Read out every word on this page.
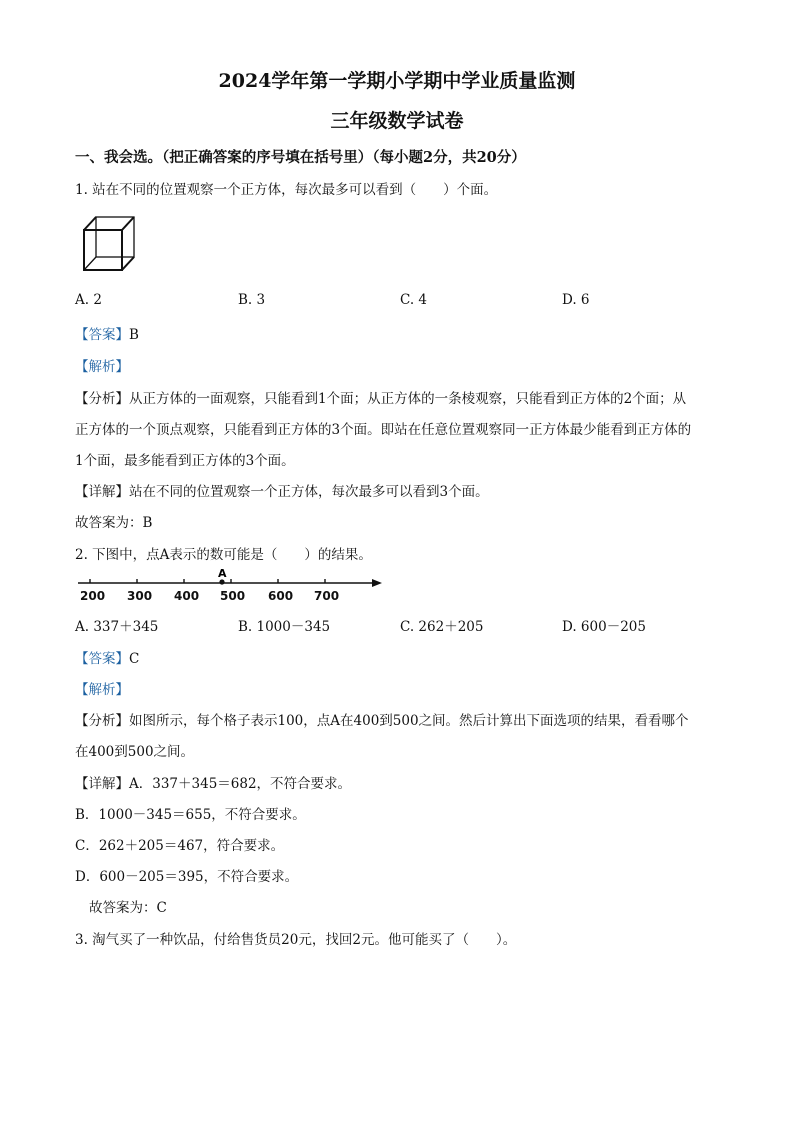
2024学年第一学期小学期中学业质量监测
三年级数学试卷
一、我会选。（把正确答案的序号填在括号里）（每小题2分，共20分）
1. 站在不同的位置观察一个正方体，每次最多可以看到（　　）个面。
A. 2	B. 3	C. 4	D. 6
【答案】B
【解析】
【分析】从正方体的一面观察，只能看到1个面；从正方体的一条棱观察，只能看到正方体的2个面；从
正方体的一个顶点观察，只能看到正方体的3个面。即站在任意位置观察同一正方体最少能看到正方体的
1个面，最多能看到正方体的3个面。
【详解】站在不同的位置观察一个正方体，每次最多可以看到3个面。
故答案为：B
2. 下图中，点A表示的数可能是（　　）的结果。
A
200 300 400 500 600 700
A. 337＋345	B. 1000－345	C. 262＋205	D. 600－205
【答案】C
【解析】
【分析】如图所示，每个格子表示100，点A在400到500之间。然后计算出下面选项的结果，看看哪个
在400到500之间。
【详解】A．337＋345＝682，不符合要求。
B．1000－345＝655，不符合要求。
C．262＋205＝467，符合要求。
D．600－205＝395，不符合要求。
故答案为：C
3. 淘气买了一种饮品，付给售货员20元，找回2元。他可能买了（　　）。
